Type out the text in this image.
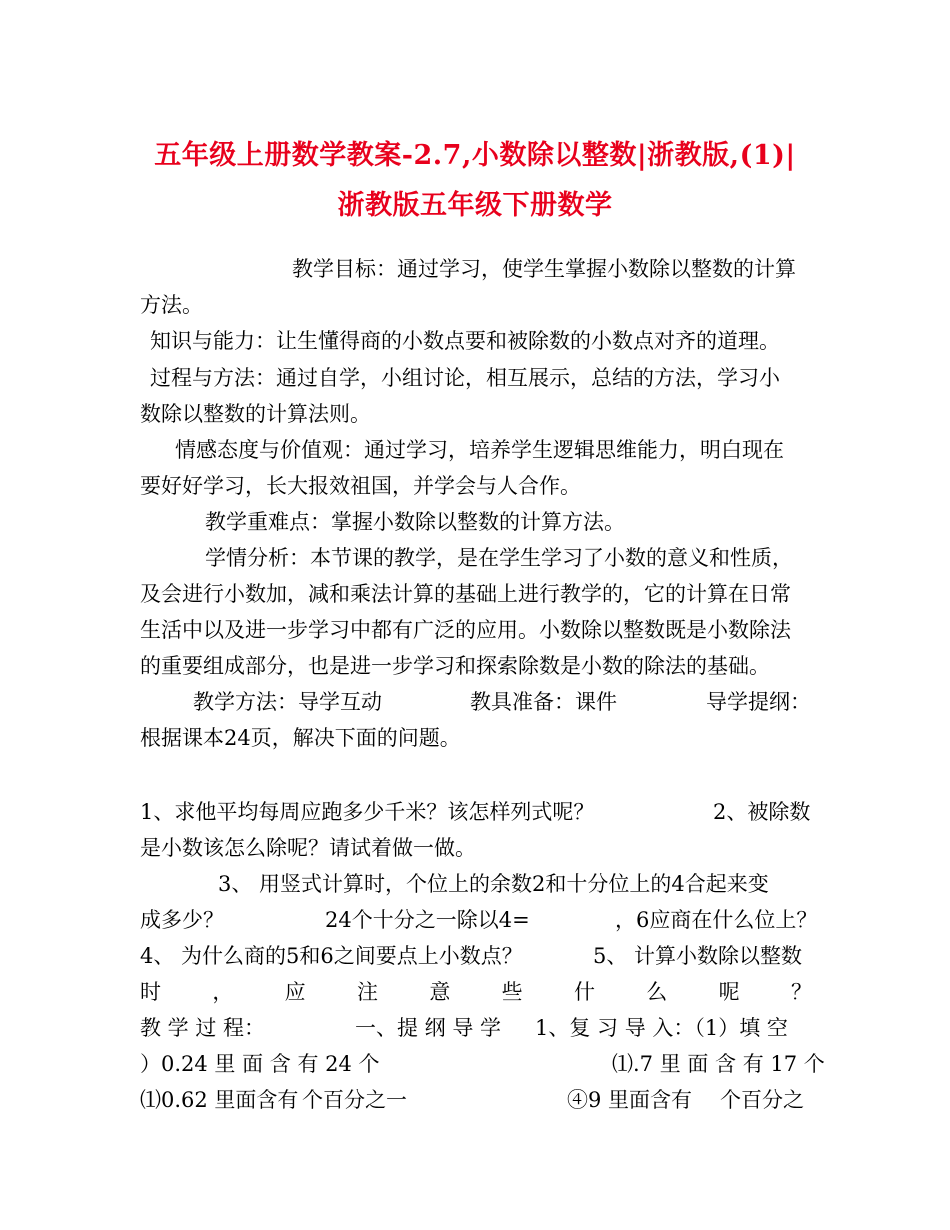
五年级上册数学教案-2.7,小数除以整数|浙教版,(1)|
浙教版五年级下册数学
教学目标：通过学习，使学生掌握小数除以整数的计算
方法。
知识与能力：让生懂得商的小数点要和被除数的小数点对齐的道理。
过程与方法：通过自学，小组讨论，相互展示，总结的方法，学习小
数除以整数的计算法则。
情感态度与价值观：通过学习，培养学生逻辑思维能力，明白现在
要好好学习，长大报效祖国，并学会与人合作。
教学重难点：掌握小数除以整数的计算方法。
学情分析：本节课的教学，是在学生学习了小数的意义和性质，
及会进行小数加，减和乘法计算的基础上进行教学的，它的计算在日常
生活中以及进一步学习中都有广泛的应用。小数除以整数既是小数除法
的重要组成部分，也是进一步学习和探索除数是小数的除法的基础。
教学方法：导学互动	教具准备：课件	导学提纲：
根据课本24页，解决下面的问题。
1、求他平均每周应跑多少千米？该怎样列式呢？	2、被除数
是小数该怎么除呢？请试着做一做。
3、 用竖式计算时，个位上的余数2和十分位上的4合起来变
成多少？	24个十分之一除以4=	，6应商在什么位上？
4、 为什么商的5和6之间要点上小数点？	5、 计算小数除以整数
时 ， 应 注 意 些 什 么 呢 ？
教 学 过 程：	一、提 纲 导 学 1、复 习 导 入：（1）填 空
）0.24 里 面 含 有 24 个	⑴.7 里 面 含 有 17 个
⑴0.62 里面含有 个百分之一	④9 里面含有 个百分之
